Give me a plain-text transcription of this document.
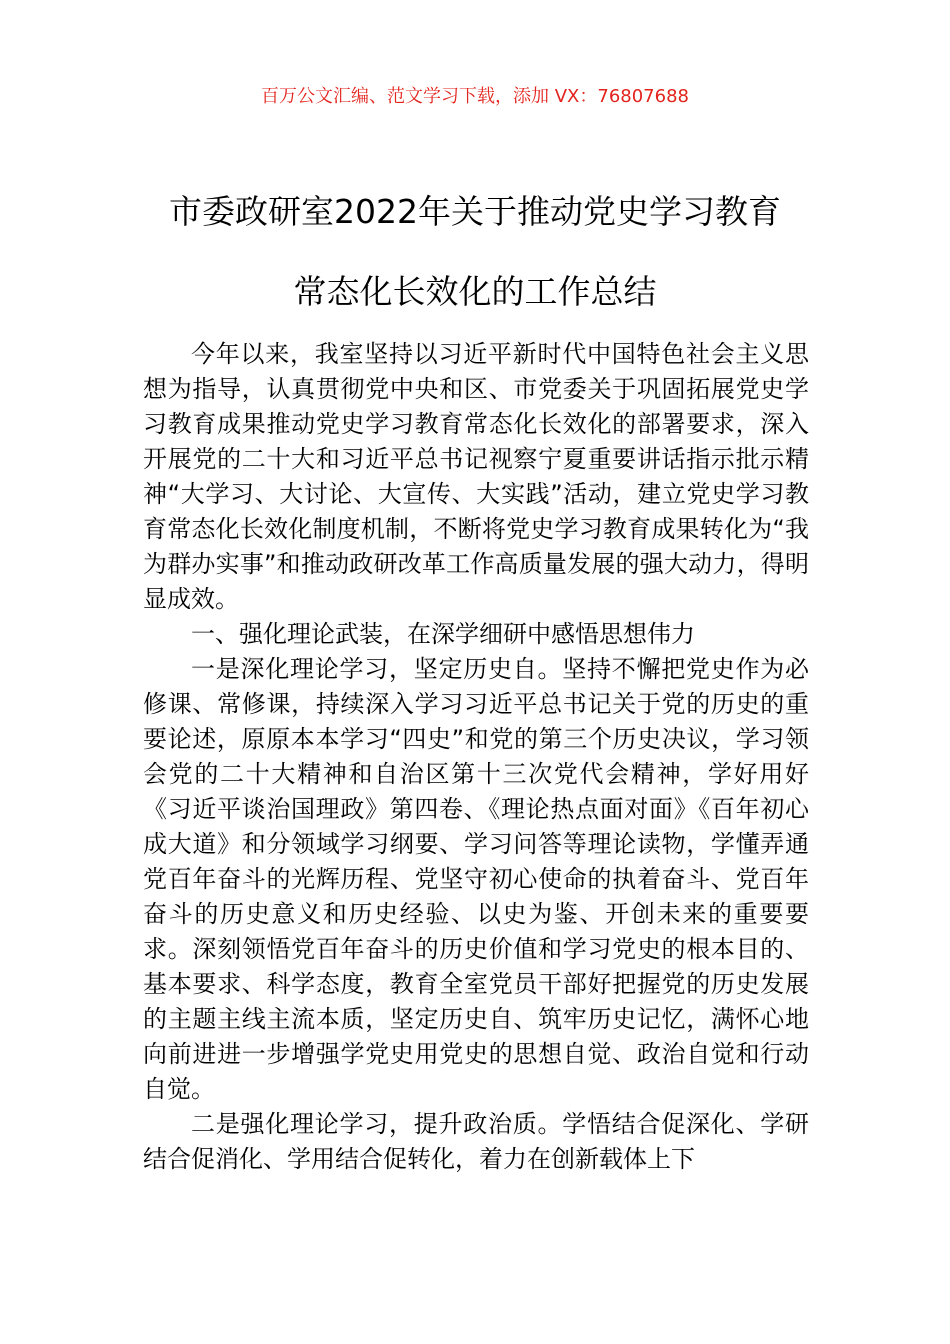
百万公文汇编、范文学习下载，添加 VX：76807688
市委政研室2022年关于推动党史学习教育
常态化长效化的工作总结

今年以来，我室坚持以习近平新时代中国特色社会主义思想为指导，认真贯彻党中央和区、市党委关于巩固拓展党史学习教育成果推动党史学习教育常态化长效化的部署要求，深入开展党的二十大和习近平总书记视察宁夏重要讲话指示批示精神“大学习、大讨论、大宣传、大实践”活动，建立党史学习教育常态化长效化制度机制，不断将党史学习教育成果转化为“我为群办实事”和推动政研改革工作高质量发展的强大动力，得明显成效。

一、强化理论武装，在深学细研中感悟思想伟力

一是深化理论学习，坚定历史自。坚持不懈把党史作为必修课、常修课，持续深入学习习近平总书记关于党的历史的重要论述，原原本本学习“四史”和党的第三个历史决议，学习领会党的二十大精神和自治区第十三次党代会精神，学好用好《习近平谈治国理政》第四卷、《理论热点面对面》《百年初心成大道》和分领域学习纲要、学习问答等理论读物，学懂弄通党百年奋斗的光辉历程、党坚守初心使命的执着奋斗、党百年奋斗的历史意义和历史经验、以史为鉴、开创未来的重要要求。深刻领悟党百年奋斗的历史价值和学习党史的根本目的、基本要求、科学态度，教育全室党员干部好把握党的历史发展的主题主线主流本质，坚定历史自、筑牢历史记忆，满怀心地向前进进一步增强学党史用党史的思想自觉、政治自觉和行动自觉。

二是强化理论学习，提升政治质。学悟结合促深化、学研结合促消化、学用结合促转化，着力在创新载体上下
